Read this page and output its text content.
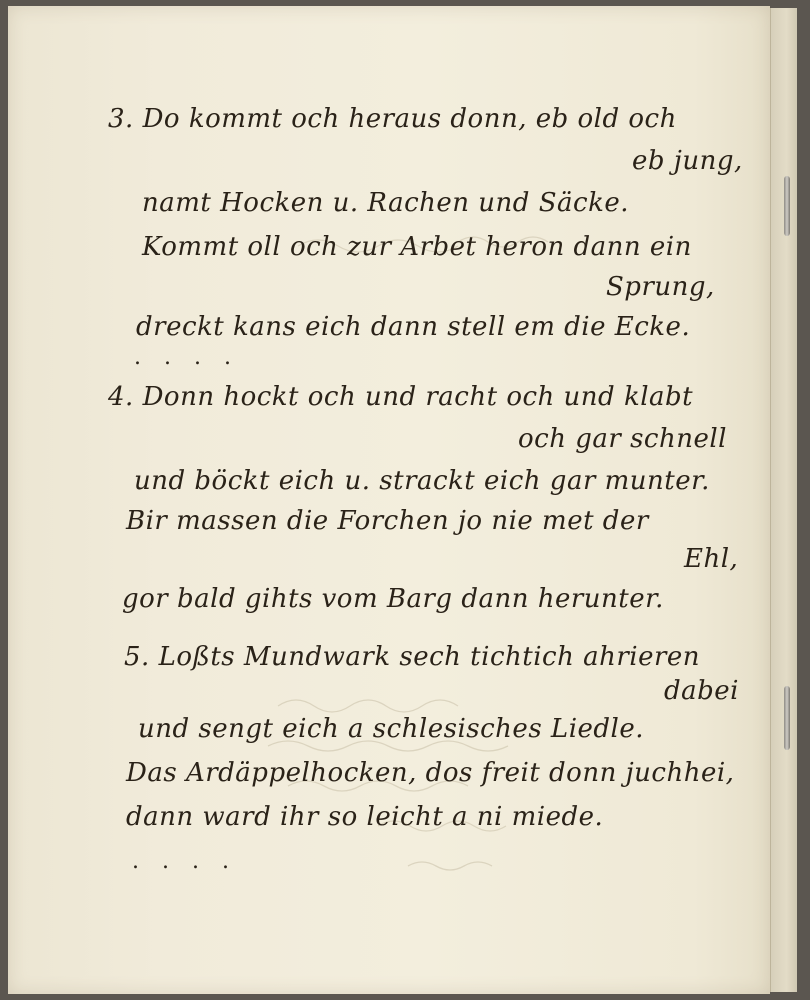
3. Do kommt och heraus donn, eb old och

eb jung,

namt Hocken u. Rachen und Säcke.

Kommt oll och zur Arbet heron dann ein

Sprung,

dreckt kans eich dann stell em die Ecke.

. . . .

4. Donn hockt och und racht och und klabt

och gar schnell

und böckt eich u. strackt eich gar munter.

Bir massen die Forchen jo nie met der

Ehl,

gor bald gihts vom Barg dann herunter.

5. Loßts Mundwark sech tichtich ahrieren

dabei

und sengt eich a schlesisches Liedle.

Das Ardäppelhocken, dos freit donn juchhei,

dann ward ihr so leicht a ni miede.

. . . .
